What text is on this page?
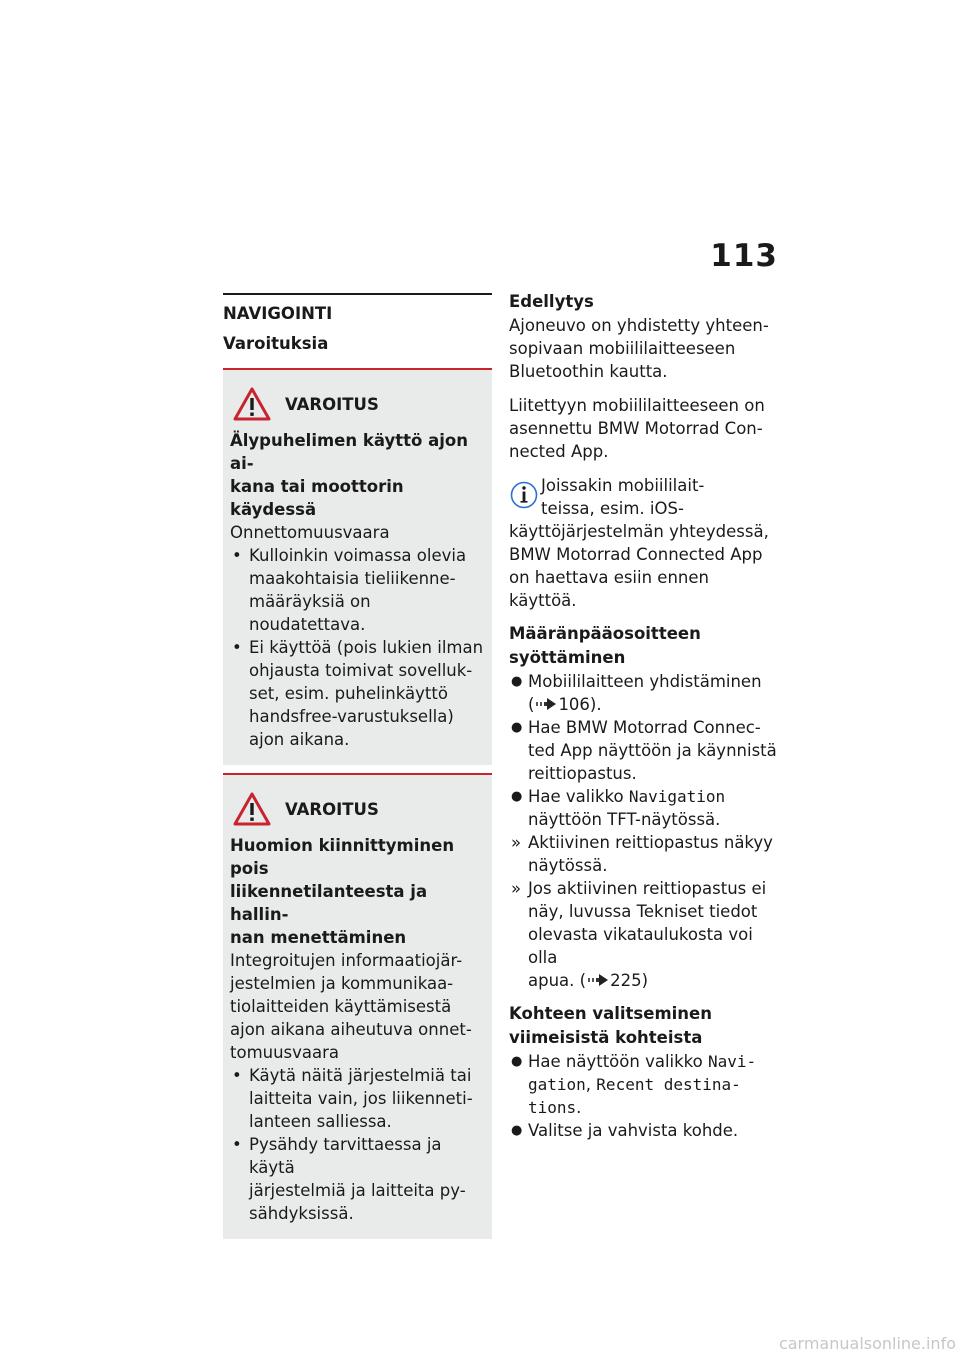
113
NAVIGOINTI
Varoituksia
VAROITUS
Älypuhelimen käyttö ajon ai-
kana tai moottorin käydessä
Onnettomuusvaara
• Kulloinkin voimassa olevia
maakohtaisia tieliikenne-
määräyksiä on noudatettava.
• Ei käyttöä (pois lukien ilman
ohjausta toimivat sovelluk-
set, esim. puhelinkäyttö
handsfree-varustuksella)
ajon aikana.
VAROITUS
Huomion kiinnittyminen pois
liikennetilanteesta ja hallin-
nan menettäminen
Integroitujen informaatiojär-
jestelmien ja kommunikaa-
tiolaitteiden käyttämisestä
ajon aikana aiheutuva onnet-
tomuusvaara
• Käytä näitä järjestelmiä tai
laitteita vain, jos liikenneti-
lanteen salliessa.
• Pysähdy tarvittaessa ja käytä
järjestelmiä ja laitteita py-
sähdyksissä.
Edellytys
Ajoneuvo on yhdistetty yhteen-
sopivaan mobiililaitteeseen
Bluetoothin kautta.
Liitettyyn mobiililaitteeseen on
asennettu BMW Motorrad Con-
nected App.
Joissakin mobiililait-
teissa, esim. iOS-
käyttöjärjestelmän yhteydessä,
BMW Motorrad Connected App
on haettava esiin ennen
käyttöä.
Määränpääosoitteen
syöttäminen
● Mobiililaitteen yhdistäminen
( 106).
● Hae BMW Motorrad Connec-
ted App näyttöön ja käynnistä
reittiopastus.
● Hae valikko Navigation
näyttöön TFT-näytössä.
» Aktiivinen reittiopastus näkyy
näytössä.
» Jos aktiivinen reittiopastus ei
näy, luvussa Tekniset tiedot
olevasta vikataulukosta voi olla
apua. ( 225)
Kohteen valitseminen
viimeisistä kohteista
● Hae näyttöön valikko Navi-
gation, Recent destina-
tions.
● Valitse ja vahvista kohde.
carmanualsonline.info
